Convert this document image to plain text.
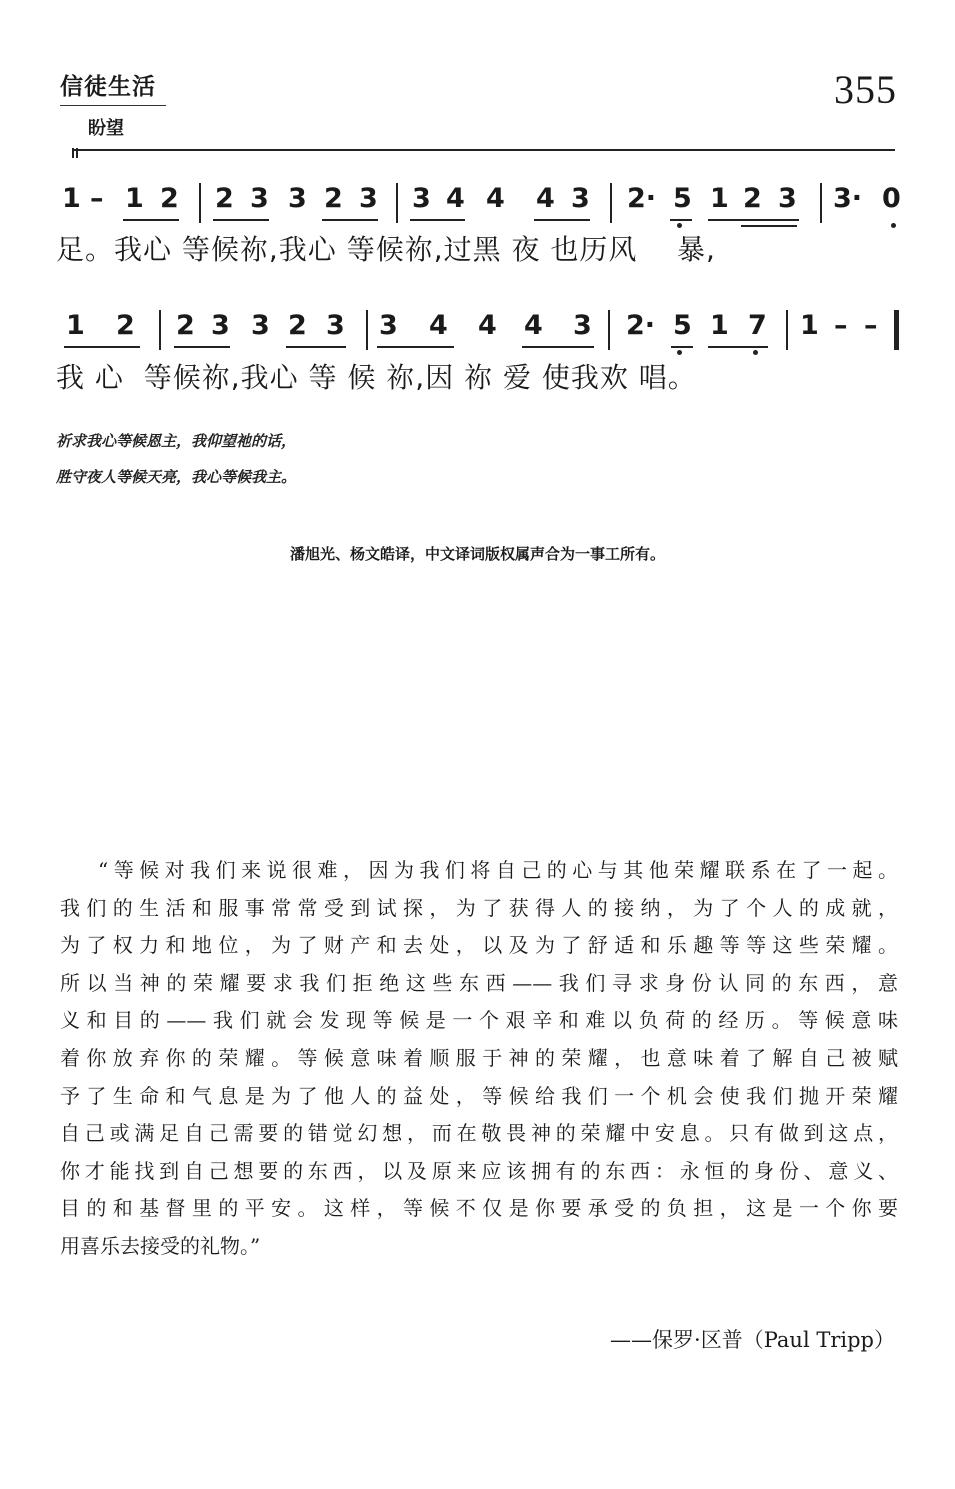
信徒生活
盼望
355
1 – 1 2 2 3 3 2 3 3 4 4 4 3 2· 5 1 2 3 3· 0
足。我心 等候祢,我心 等候祢,过黑 夜 也历风    暴,
1 2 2 3 3 2 3 3 4 4 4 3 2· 5 1 7 1 – –
我 心  等候祢,我心 等 候 祢,因 祢 爱 使我欢 唱。
祈求我心等候恩主，我仰望祂的话，
胜守夜人等候天亮，我心等候我主。
潘旭光、杨文皓译，中文译词版权属声合为一事工所有。
“等候对我们来说很难，因为我们将自己的心与其他荣耀联系在了一起。
我们的生活和服事常常受到试探，为了获得人的接纳，为了个人的成就，
为了权力和地位，为了财产和去处，以及为了舒适和乐趣等等这些荣耀。
所以当神的荣耀要求我们拒绝这些东西——我们寻求身份认同的东西，意
义和目的——我们就会发现等候是一个艰辛和难以负荷的经历。等候意味
着你放弃你的荣耀。等候意味着顺服于神的荣耀，也意味着了解自己被赋
予了生命和气息是为了他人的益处，等候给我们一个机会使我们抛开荣耀
自己或满足自己需要的错觉幻想，而在敬畏神的荣耀中安息。只有做到这点，
你才能找到自己想要的东西，以及原来应该拥有的东西：永恒的身份、意义、
目的和基督里的平安。这样，等候不仅是你要承受的负担，这是一个你要
用喜乐去接受的礼物。”
——保罗·区普（Paul Tripp）
